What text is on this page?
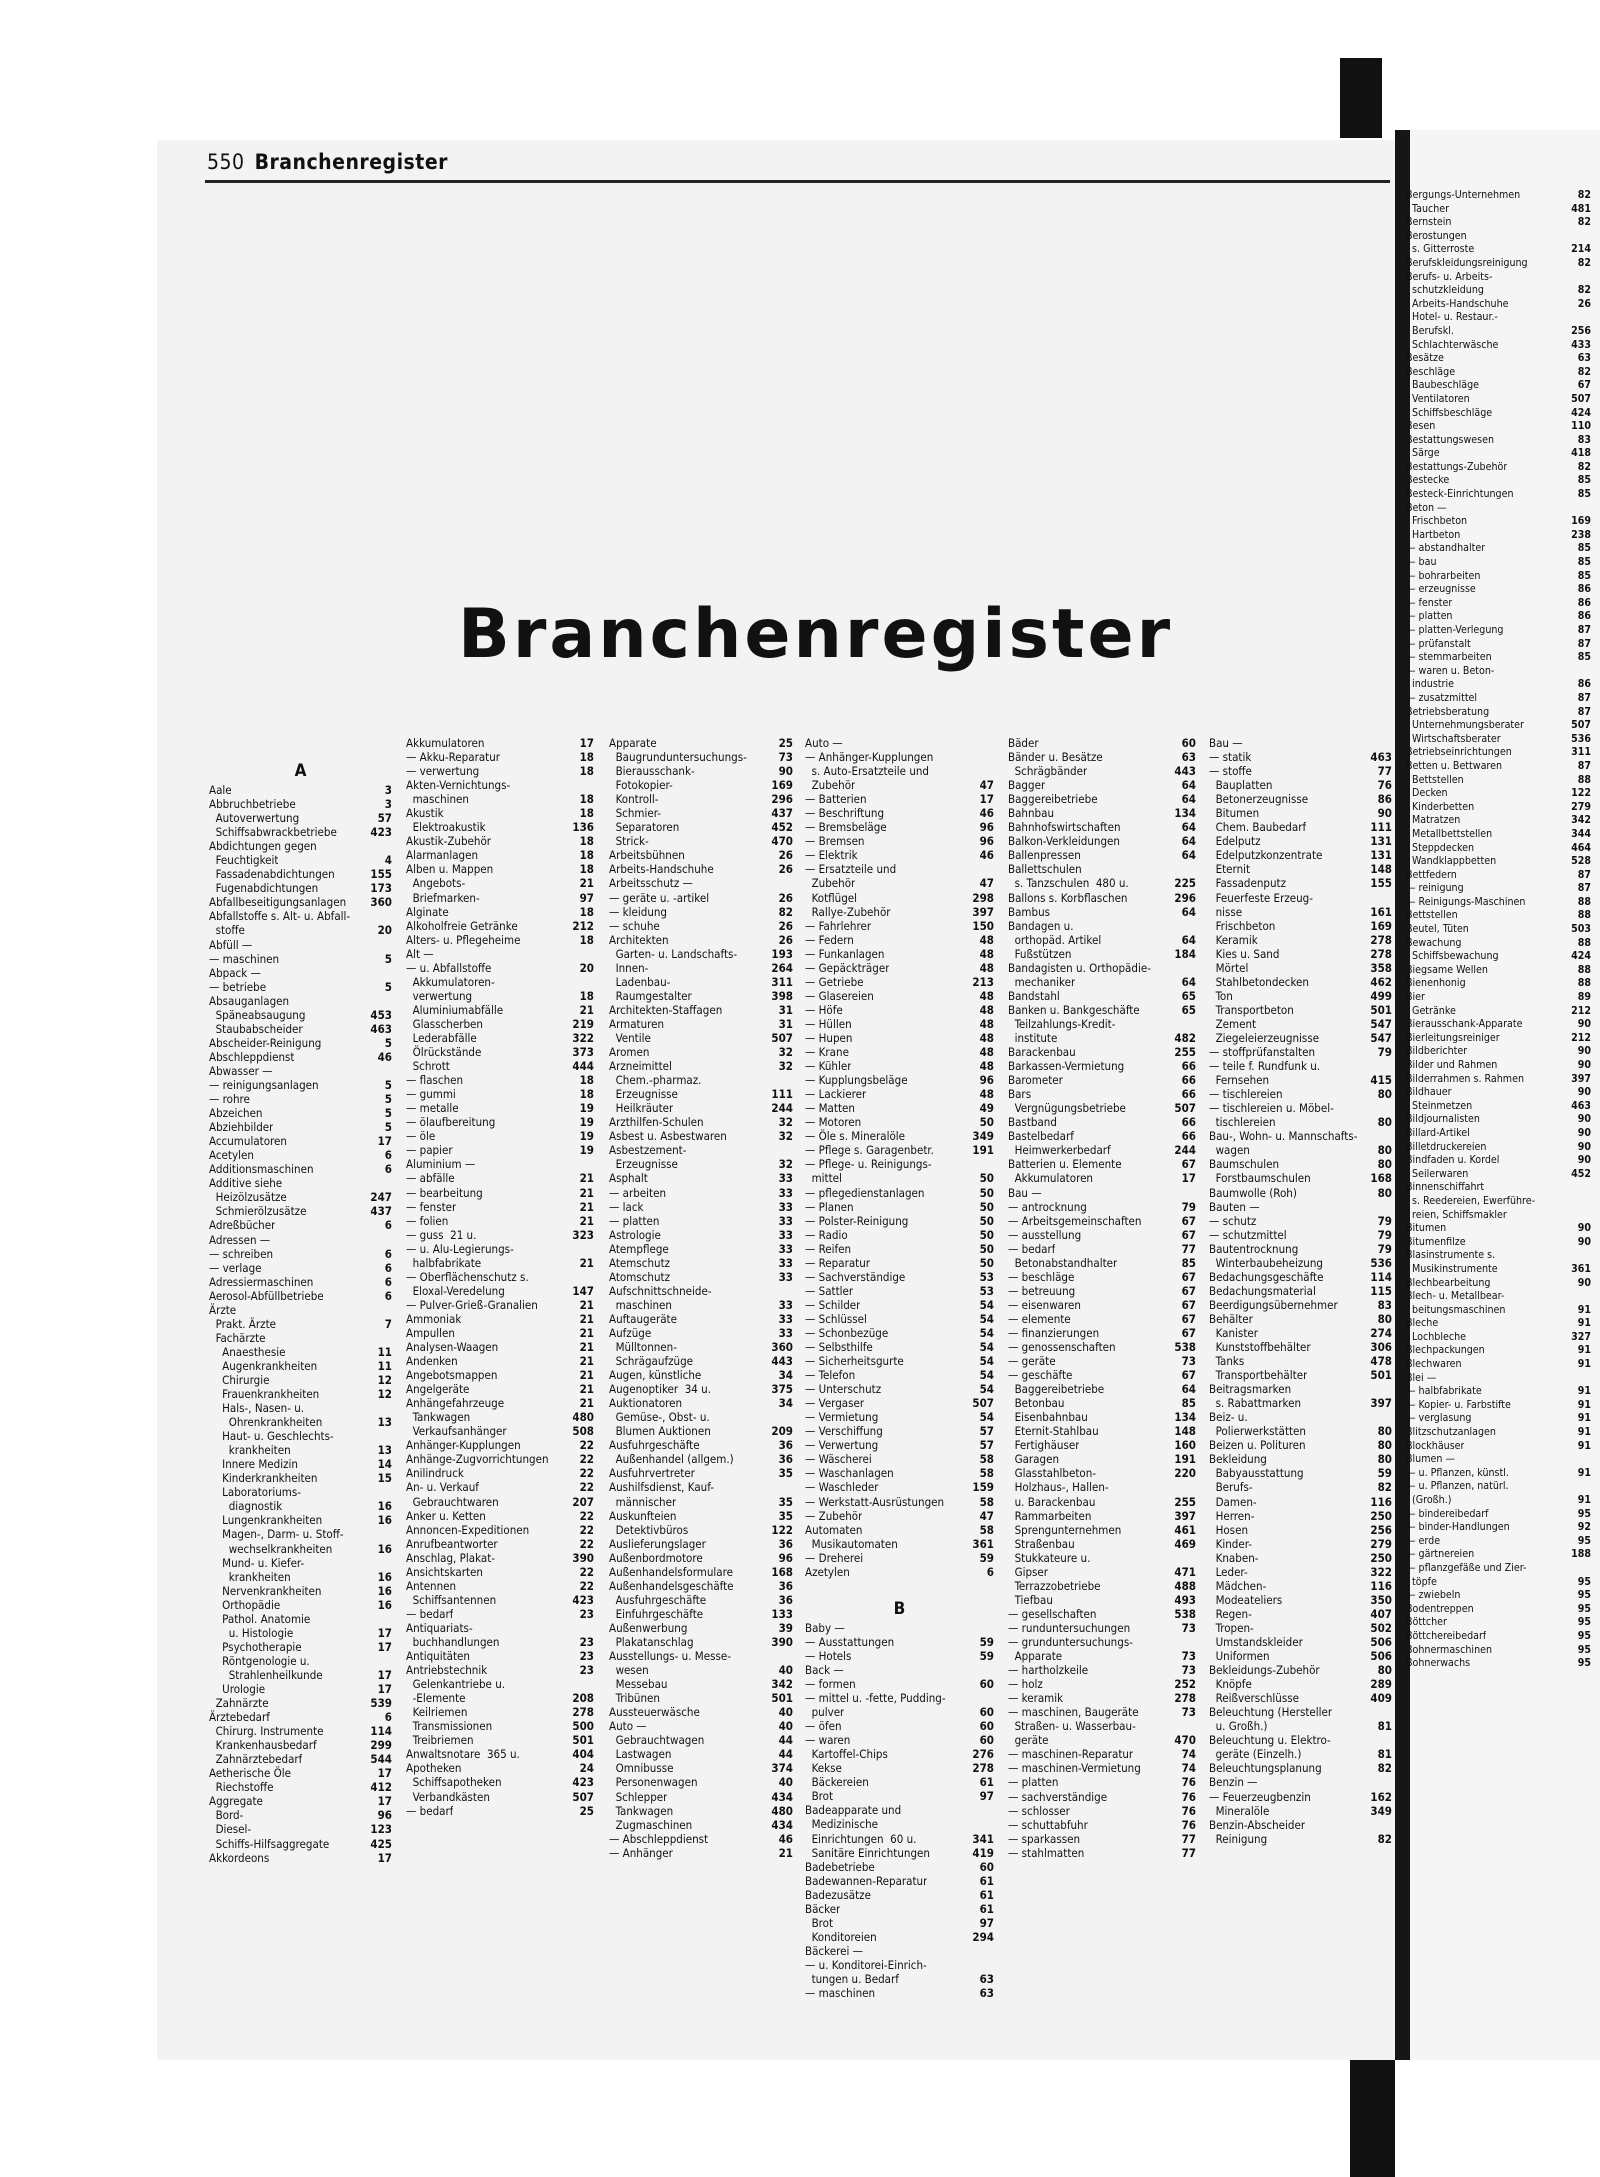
550 Branchenregister
Branchenregister
A
Aale	3
Abbruchbetriebe	3
Autoverwertung	57
Schiffsabwrackbetriebe	423
Abdichtungen gegen
Feuchtigkeit	4
Fassadenabdichtungen	155
Fugenabdichtungen	173
Abfallbeseitigungsanlagen	360
Abfallstoffe s. Alt- u. Abfall-
stoffe	20
Abfüll —
— maschinen	5
Abpack —
— betriebe	5
Absauganlagen
Späneabsaugung	453
Staubabscheider	463
Abscheider-Reinigung	5
Abschleppdienst	46
Abwasser —
— reinigungsanlagen	5
— rohre	5
Abzeichen	5
Abziehbilder	5
Accumulatoren	17
Acetylen	6
Additionsmaschinen	6
Additive siehe
Heizölzusätze	247
Schmierölzusätze	437
Adreßbücher	6
Adressen —
— schreiben	6
— verlage	6
Adressiermaschinen	6
Aerosol-Abfüllbetriebe	6
Ärzte
Prakt. Ärzte	7
Fachärzte
Anaesthesie	11
Augenkrankheiten	11
Chirurgie	12
Frauenkrankheiten	12
Hals-, Nasen- u.
Ohrenkrankheiten	13
Haut- u. Geschlechts-
krankheiten	13
Innere Medizin	14
Kinderkrankheiten	15
Laboratoriums-
diagnostik	16
Lungenkrankheiten	16
Magen-, Darm- u. Stoff-
wechselkrankheiten	16
Mund- u. Kiefer-
krankheiten	16
Nervenkrankheiten	16
Orthopädie	16
Pathol. Anatomie
u. Histologie	17
Psychotherapie	17
Röntgenologie u.
Strahlenheilkunde	17
Urologie	17
Zahnärzte	539
Ärztebedarf	6
Chirurg. Instrumente	114
Krankenhausbedarf	299
Zahnärztebedarf	544
Aetherische Öle	17
Riechstoffe	412
Aggregate	17
Bord-	96
Diesel-	123
Schiffs-Hilfsaggregate	425
Akkordeons	17
Akkumulatoren	17
— Akku-Reparatur	18
— verwertung	18
Akten-Vernichtungs-
maschinen	18
Akustik	18
Elektroakustik	136
Akustik-Zubehör	18
Alarmanlagen	18
Alben u. Mappen	18
Angebots-	21
Briefmarken-	97
Alginate	18
Alkoholfreie Getränke	212
Alters- u. Pflegeheime	18
Alt —
— u. Abfallstoffe	20
Akkumulatoren-
verwertung	18
Aluminiumabfälle	21
Glasscherben	219
Lederabfälle	322
Ölrückstände	373
Schrott	444
— flaschen	18
— gummi	18
— metalle	19
— ölaufbereitung	19
— öle	19
— papier	19
Aluminium —
— abfälle	21
— bearbeitung	21
— fenster	21
— folien	21
— guss  21 u.	323
— u. Alu-Legierungs-
halbfabrikate	21
— Oberflächenschutz s.
Eloxal-Veredelung	147
— Pulver-Grieß-Granalien	21
Ammoniak	21
Ampullen	21
Analysen-Waagen	21
Andenken	21
Angebotsmappen	21
Angelgeräte	21
Anhängefahrzeuge	21
Tankwagen	480
Verkaufsanhänger	508
Anhänger-Kupplungen	22
Anhänge-Zugvorrichtungen	22
Anilindruck	22
An- u. Verkauf	22
Gebrauchtwaren	207
Anker u. Ketten	22
Annoncen-Expeditionen	22
Anrufbeantworter	22
Anschlag, Plakat-	390
Ansichtskarten	22
Antennen	22
Schiffsantennen	423
— bedarf	23
Antiquariats-
buchhandlungen	23
Antiquitäten	23
Antriebstechnik	23
Gelenkantriebe u.
-Elemente	208
Keilriemen	278
Transmissionen	500
Treibriemen	501
Anwaltsnotare  365 u.	404
Apotheken	24
Schiffsapotheken	423
Verbandkästen	507
— bedarf	25
Apparate	25
Baugrunduntersuchungs-	73
Bierausschank-	90
Fotokopier-	169
Kontroll-	296
Schmier-	437
Separatoren	452
Strick-	470
Arbeitsbühnen	26
Arbeits-Handschuhe	26
Arbeitsschutz —
— geräte u. -artikel	26
— kleidung	82
— schuhe	26
Architekten	26
Garten- u. Landschafts-	193
Innen-	264
Ladenbau-	311
Raumgestalter	398
Architekten-Staffagen	31
Armaturen	31
Ventile	507
Aromen	32
Arzneimittel	32
Chem.-pharmaz.
Erzeugnisse	111
Heilkräuter	244
Arzthilfen-Schulen	32
Asbest u. Asbestwaren	32
Asbestzement-
Erzeugnisse	32
Asphalt	33
— arbeiten	33
— lack	33
— platten	33
Astrologie	33
Atempflege	33
Atemschutz	33
Atomschutz	33
Aufschnittschneide-
maschinen	33
Auftaugeräte	33
Aufzüge	33
Mülltonnen-	360
Schrägaufzüge	443
Augen, künstliche	34
Augenoptiker  34 u.	375
Auktionatoren	34
Gemüse-, Obst- u.
Blumen Auktionen	209
Ausfuhrgeschäfte	36
Außenhandel (allgem.)	36
Ausfuhrvertreter	35
Aushilfsdienst, Kauf-
männischer	35
Auskunfteien	35
Detektivbüros	122
Auslieferungslager	36
Außenbordmotore	96
Außenhandelsformulare	168
Außenhandelsgeschäfte	36
Ausfuhrgeschäfte	36
Einfuhrgeschäfte	133
Außenwerbung	39
Plakatanschlag	390
Ausstellungs- u. Messe-
wesen	40
Messebau	342
Tribünen	501
Aussteuerwäsche	40
Auto —	40
Gebrauchtwagen	44
Lastwagen	44
Omnibusse	374
Personenwagen	40
Schlepper	434
Tankwagen	480
Zugmaschinen	434
— Abschleppdienst	46
— Anhänger	21
Auto —
— Anhänger-Kupplungen
s. Auto-Ersatzteile und
Zubehör	47
— Batterien	17
— Beschriftung	46
— Bremsbeläge	96
— Bremsen	96
— Elektrik	46
— Ersatzteile und
Zubehör	47
Kotflügel	298
Rallye-Zubehör	397
— Fahrlehrer	150
— Federn	48
— Funkanlagen	48
— Gepäckträger	48
— Getriebe	213
— Glasereien	48
— Höfe	48
— Hüllen	48
— Hupen	48
— Krane	48
— Kühler	48
— Kupplungsbeläge	96
— Lackierer	48
— Matten	49
— Motoren	50
— Öle s. Mineralöle	349
— Pflege s. Garagenbetr.	191
— Pflege- u. Reinigungs-
mittel	50
— pflegedienstanlagen	50
— Planen	50
— Polster-Reinigung	50
— Radio	50
— Reifen	50
— Reparatur	50
— Sachverständige	53
— Sattler	53
— Schilder	54
— Schlüssel	54
— Schonbezüge	54
— Selbsthilfe	54
— Sicherheitsgurte	54
— Telefon	54
— Unterschutz	54
— Vergaser	507
— Vermietung	54
— Verschiffung	57
— Verwertung	57
— Wäscherei	58
— Waschanlagen	58
— Waschleder	159
— Werkstatt-Ausrüstungen	58
— Zubehör	47
Automaten	58
Musikautomaten	361
— Dreherei	59
Azetylen	6
B
Baby —
— Ausstattungen	59
— Hotels	59
Back —
— formen	60
— mittel u. -fette, Pudding-
pulver	60
— öfen	60
— waren	60
Kartoffel-Chips	276
Kekse	278
Bäckereien	61
Brot	97
Badeapparate und
Medizinische
Einrichtungen  60 u.	341
Sanitäre Einrichtungen	419
Badebetriebe	60
Badewannen-Reparatur	61
Badezusätze	61
Bäcker	61
Brot	97
Konditoreien	294
Bäckerei —
— u. Konditorei-Einrich-
tungen u. Bedarf	63
— maschinen	63
Bäder	60
Bänder u. Besätze	63
Schrägbänder	443
Bagger	64
Baggereibetriebe	64
Bahnbau	134
Bahnhofswirtschaften	64
Balkon-Verkleidungen	64
Ballenpressen	64
Ballettschulen
s. Tanzschulen  480 u.	225
Ballons s. Korbflaschen	296
Bambus	64
Bandagen u.
orthopäd. Artikel	64
Fußstützen	184
Bandagisten u. Orthopädie-
mechaniker	64
Bandstahl	65
Banken u. Bankgeschäfte	65
Teilzahlungs-Kredit-
institute	482
Barackenbau	255
Barkassen-Vermietung	66
Barometer	66
Bars	66
Vergnügungsbetriebe	507
Bastband	66
Bastelbedarf	66
Heimwerkerbedarf	244
Batterien u. Elemente	67
Akkumulatoren	17
Bau —
— antrocknung	79
— Arbeitsgemeinschaften	67
— ausstellung	67
— bedarf	77
Betonabstandhalter	85
— beschläge	67
— betreuung	67
— eisenwaren	67
— elemente	67
— finanzierungen	67
— genossenschaften	538
— geräte	73
— geschäfte	67
Baggereibetriebe	64
Betonbau	85
Eisenbahnbau	134
Eternit-Stahlbau	148
Fertighäuser	160
Garagen	191
Glasstahlbeton-	220
Holzhaus-, Hallen-
u. Barackenbau	255
Rammarbeiten	397
Sprengunternehmen	461
Straßenbau	469
Stukkateure u.
Gipser	471
Terrazzobetriebe	488
Tiefbau	493
— gesellschaften	538
— runduntersuchungen	73
— grunduntersuchungs-
Apparate	73
— hartholzkeile	73
— holz	252
— keramik	278
— maschinen, Baugeräte	73
Straßen- u. Wasserbau-
geräte	470
— maschinen-Reparatur	74
— maschinen-Vermietung	74
— platten	76
— sachverständige	76
— schlosser	76
— schuttabfuhr	76
— sparkassen	77
— stahlmatten	77
Bau —
— statik	463
— stoffe	77
Bauplatten	76
Betonerzeugnisse	86
Bitumen	90
Chem. Baubedarf	111
Edelputz	131
Edelputzkonzentrate	131
Eternit	148
Fassadenputz	155
Feuerfeste Erzeug-
nisse	161
Frischbeton	169
Keramik	278
Kies u. Sand	278
Mörtel	358
Stahlbetondecken	462
Ton	499
Transportbeton	501
Zement	547
Ziegeleierzeugnisse	547
— stoffprüfanstalten	79
— teile f. Rundfunk u.
Fernsehen	415
— tischlereien	80
— tischlereien u. Möbel-
tischlereien	80
Bau-, Wohn- u. Mannschafts-
wagen	80
Baumschulen	80
Forstbaumschulen	168
Baumwolle (Roh)	80
Bauten —
— schutz	79
— schutzmittel	79
Bautentrocknung	79
Winterbaubeheizung	536
Bedachungsgeschäfte	114
Bedachungsmaterial	115
Beerdigungsübernehmer	83
Behälter	80
Kanister	274
Kunststoffbehälter	306
Tanks	478
Transportbehälter	501
Beitragsmarken
s. Rabattmarken	397
Beiz- u.
Polierwerkstätten	80
Beizen u. Polituren	80
Bekleidung	80
Babyausstattung	59
Berufs-	82
Damen-	116
Herren-	250
Hosen	256
Kinder-	279
Knaben-	250
Leder-	322
Mädchen-	116
Modeateliers	350
Regen-	407
Tropen-	502
Umstandskleider	506
Uniformen	506
Bekleidungs-Zubehör	80
Knöpfe	289
Reißverschlüsse	409
Beleuchtung (Hersteller
u. Großh.)	81
Beleuchtung u. Elektro-
geräte (Einzelh.)	81
Beleuchtungsplanung	82
Benzin —
— Feuerzeugbenzin	162
Mineralöle	349
Benzin-Abscheider
Reinigung	82
Bergungs-Unternehmen	82
Taucher	481
Bernstein	82
Berostungen
s. Gitterroste	214
Berufskleidungsreinigung	82
Berufs- u. Arbeits-
schutzkleidung	82
Arbeits-Handschuhe	26
Hotel- u. Restaur.-
Berufskl.	256
Schlachterwäsche	433
Besätze	63
Beschläge	82
Baubeschläge	67
Ventilatoren	507
Schiffsbeschläge	424
Besen	110
Bestattungswesen	83
Särge	418
Bestattungs-Zubehör	82
Bestecke	85
Besteck-Einrichtungen	85
Beton —
Frischbeton	169
Hartbeton	238
— abstandhalter	85
— bau	85
— bohrarbeiten	85
— erzeugnisse	86
— fenster	86
— platten	86
— platten-Verlegung	87
— prüfanstalt	87
— stemmarbeiten	85
— waren u. Beton-
industrie	86
— zusatzmittel	87
Betriebsberatung	87
Unternehmungsberater	507
Wirtschaftsberater	536
Betriebseinrichtungen	311
Betten u. Bettwaren	87
Bettstellen	88
Decken	122
Kinderbetten	279
Matratzen	342
Metallbettstellen	344
Steppdecken	464
Wandklappbetten	528
Bettfedern	87
— reinigung	87
— Reinigungs-Maschinen	88
Bettstellen	88
Beutel, Tüten	503
Bewachung	88
Schiffsbewachung	424
Biegsame Wellen	88
Bienenhonig	88
Bier	89
Getränke	212
Bierausschank-Apparate	90
Bierleitungsreiniger	212
Bildberichter	90
Bilder und Rahmen	90
Bilderrahmen s. Rahmen	397
Bildhauer	90
Steinmetzen	463
Bildjournalisten	90
Billard-Artikel	90
Billetdruckereien	90
Bindfaden u. Kordel	90
Seilerwaren	452
Binnenschiffahrt
s. Reedereien, Ewerführe-
reien, Schiffsmakler
Bitumen	90
Bitumenfilze	90
Blasinstrumente s.
Musikinstrumente	361
Blechbearbeitung	90
Blech- u. Metallbear-
beitungsmaschinen	91
Bleche	91
Lochbleche	327
Blechpackungen	91
Blechwaren	91
Blei —
— halbfabrikate	91
— Kopier- u. Farbstifte	91
— verglasung	91
Blitzschutzanlagen	91
Blockhäuser	91
Blumen —
— u. Pflanzen, künstl.	91
— u. Pflanzen, natürl.
(Großh.)	91
— bindereibedarf	95
— binder-Handlungen	92
— erde	95
— gärtnereien	188
— pflanzgefäße und Zier-
töpfe	95
— zwiebeln	95
Bodentreppen	95
Böttcher	95
Böttchereibedarf	95
Bohnermaschinen	95
Bohnerwachs	95
